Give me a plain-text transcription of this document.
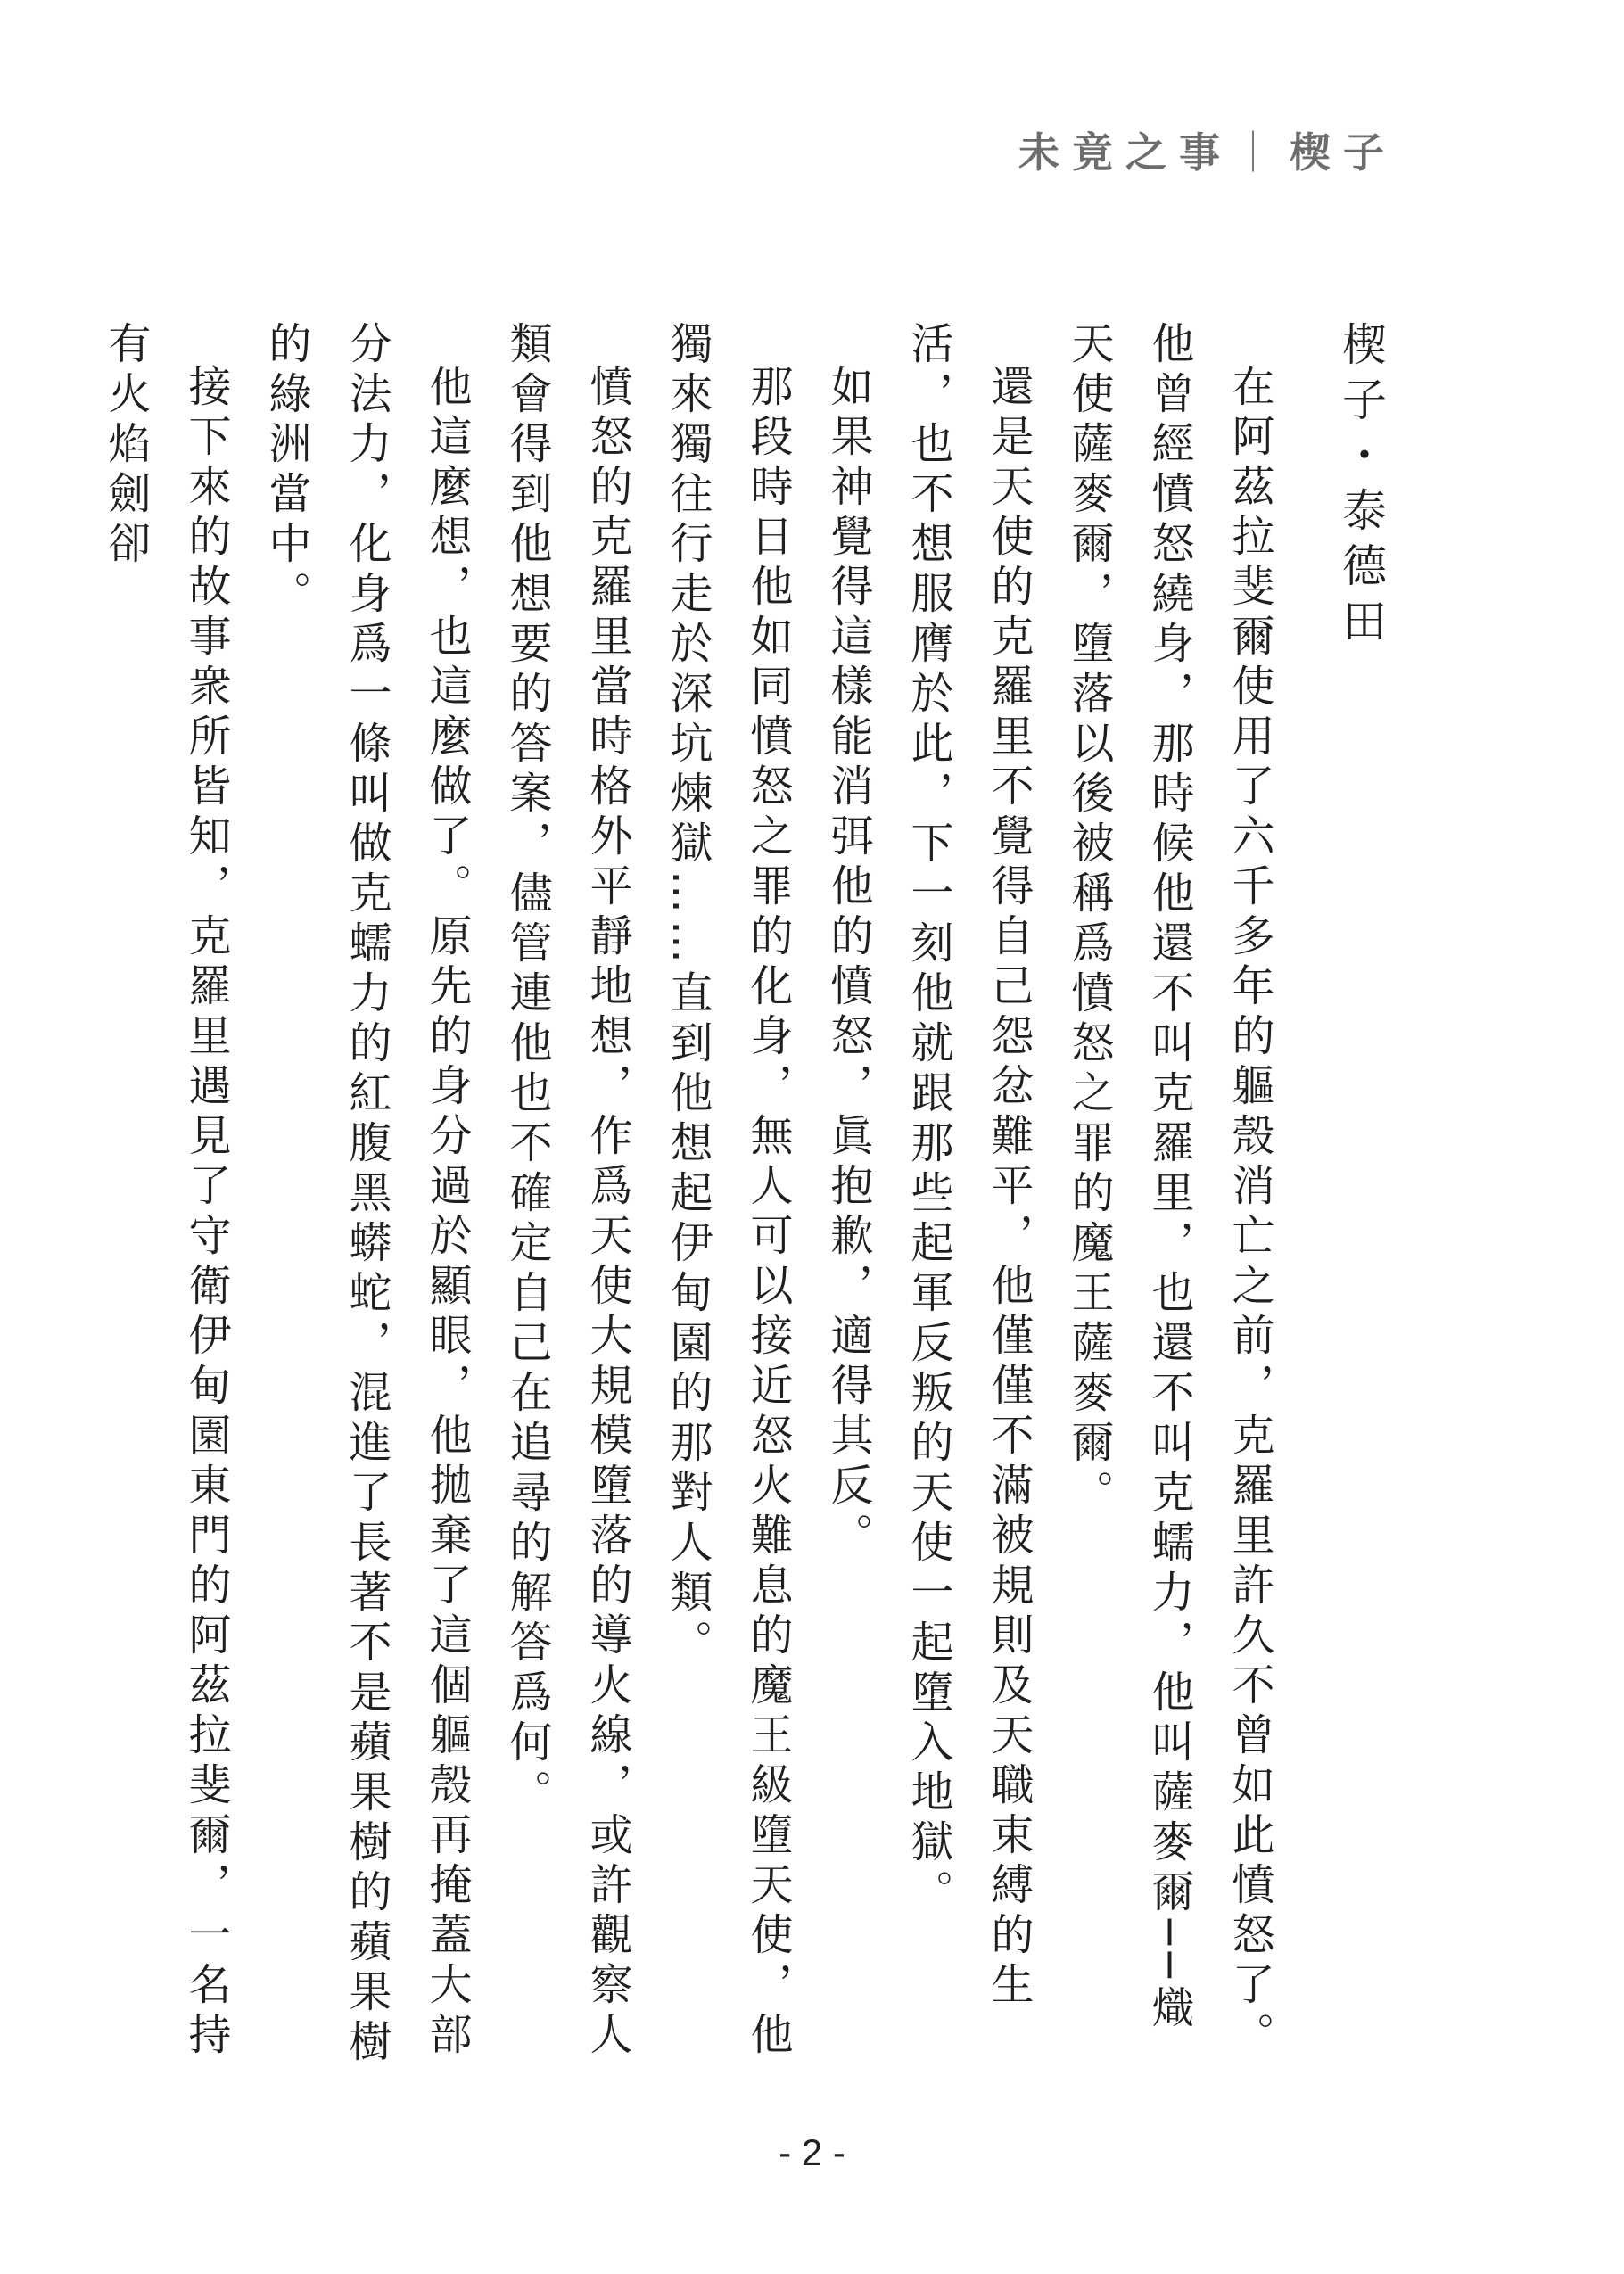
未竟之事｜楔子
楔子・泰德田

在阿茲拉斐爾使用了六千多年的軀殼消亡之前，克羅里許久不曾如此憤怒了。他曾經憤怒繞身，那時候他還不叫克羅里，也還不叫克蠕力，他叫薩麥爾──熾天使薩麥爾，墮落以後被稱爲憤怒之罪的魔王薩麥爾。

還是天使的克羅里不覺得自己怨忿難平，他僅僅不滿被規則及天職束縛的生活，也不想服膺於此，下一刻他就跟那些起軍反叛的天使一起墮入地獄。

如果神覺得這樣能消弭他的憤怒，眞抱歉，適得其反。

那段時日他如同憤怒之罪的化身，無人可以接近怒火難息的魔王級墮天使，他獨來獨往行走於深坑煉獄……直到他想起伊甸園的那對人類。

憤怒的克羅里當時格外平靜地想，作爲天使大規模墮落的導火線，或許觀察人類會得到他想要的答案，儘管連他也不確定自己在追尋的解答爲何。

他這麼想，也這麼做了。原先的身分過於顯眼，他拋棄了這個軀殼再掩蓋大部分法力，化身爲一條叫做克蠕力的紅腹黑蟒蛇，混進了長著不是蘋果樹的蘋果樹的綠洲當中。

接下來的故事衆所皆知，克羅里遇見了守衛伊甸園東門的阿茲拉斐爾，一名持有火焰劍卻

- 2 -
